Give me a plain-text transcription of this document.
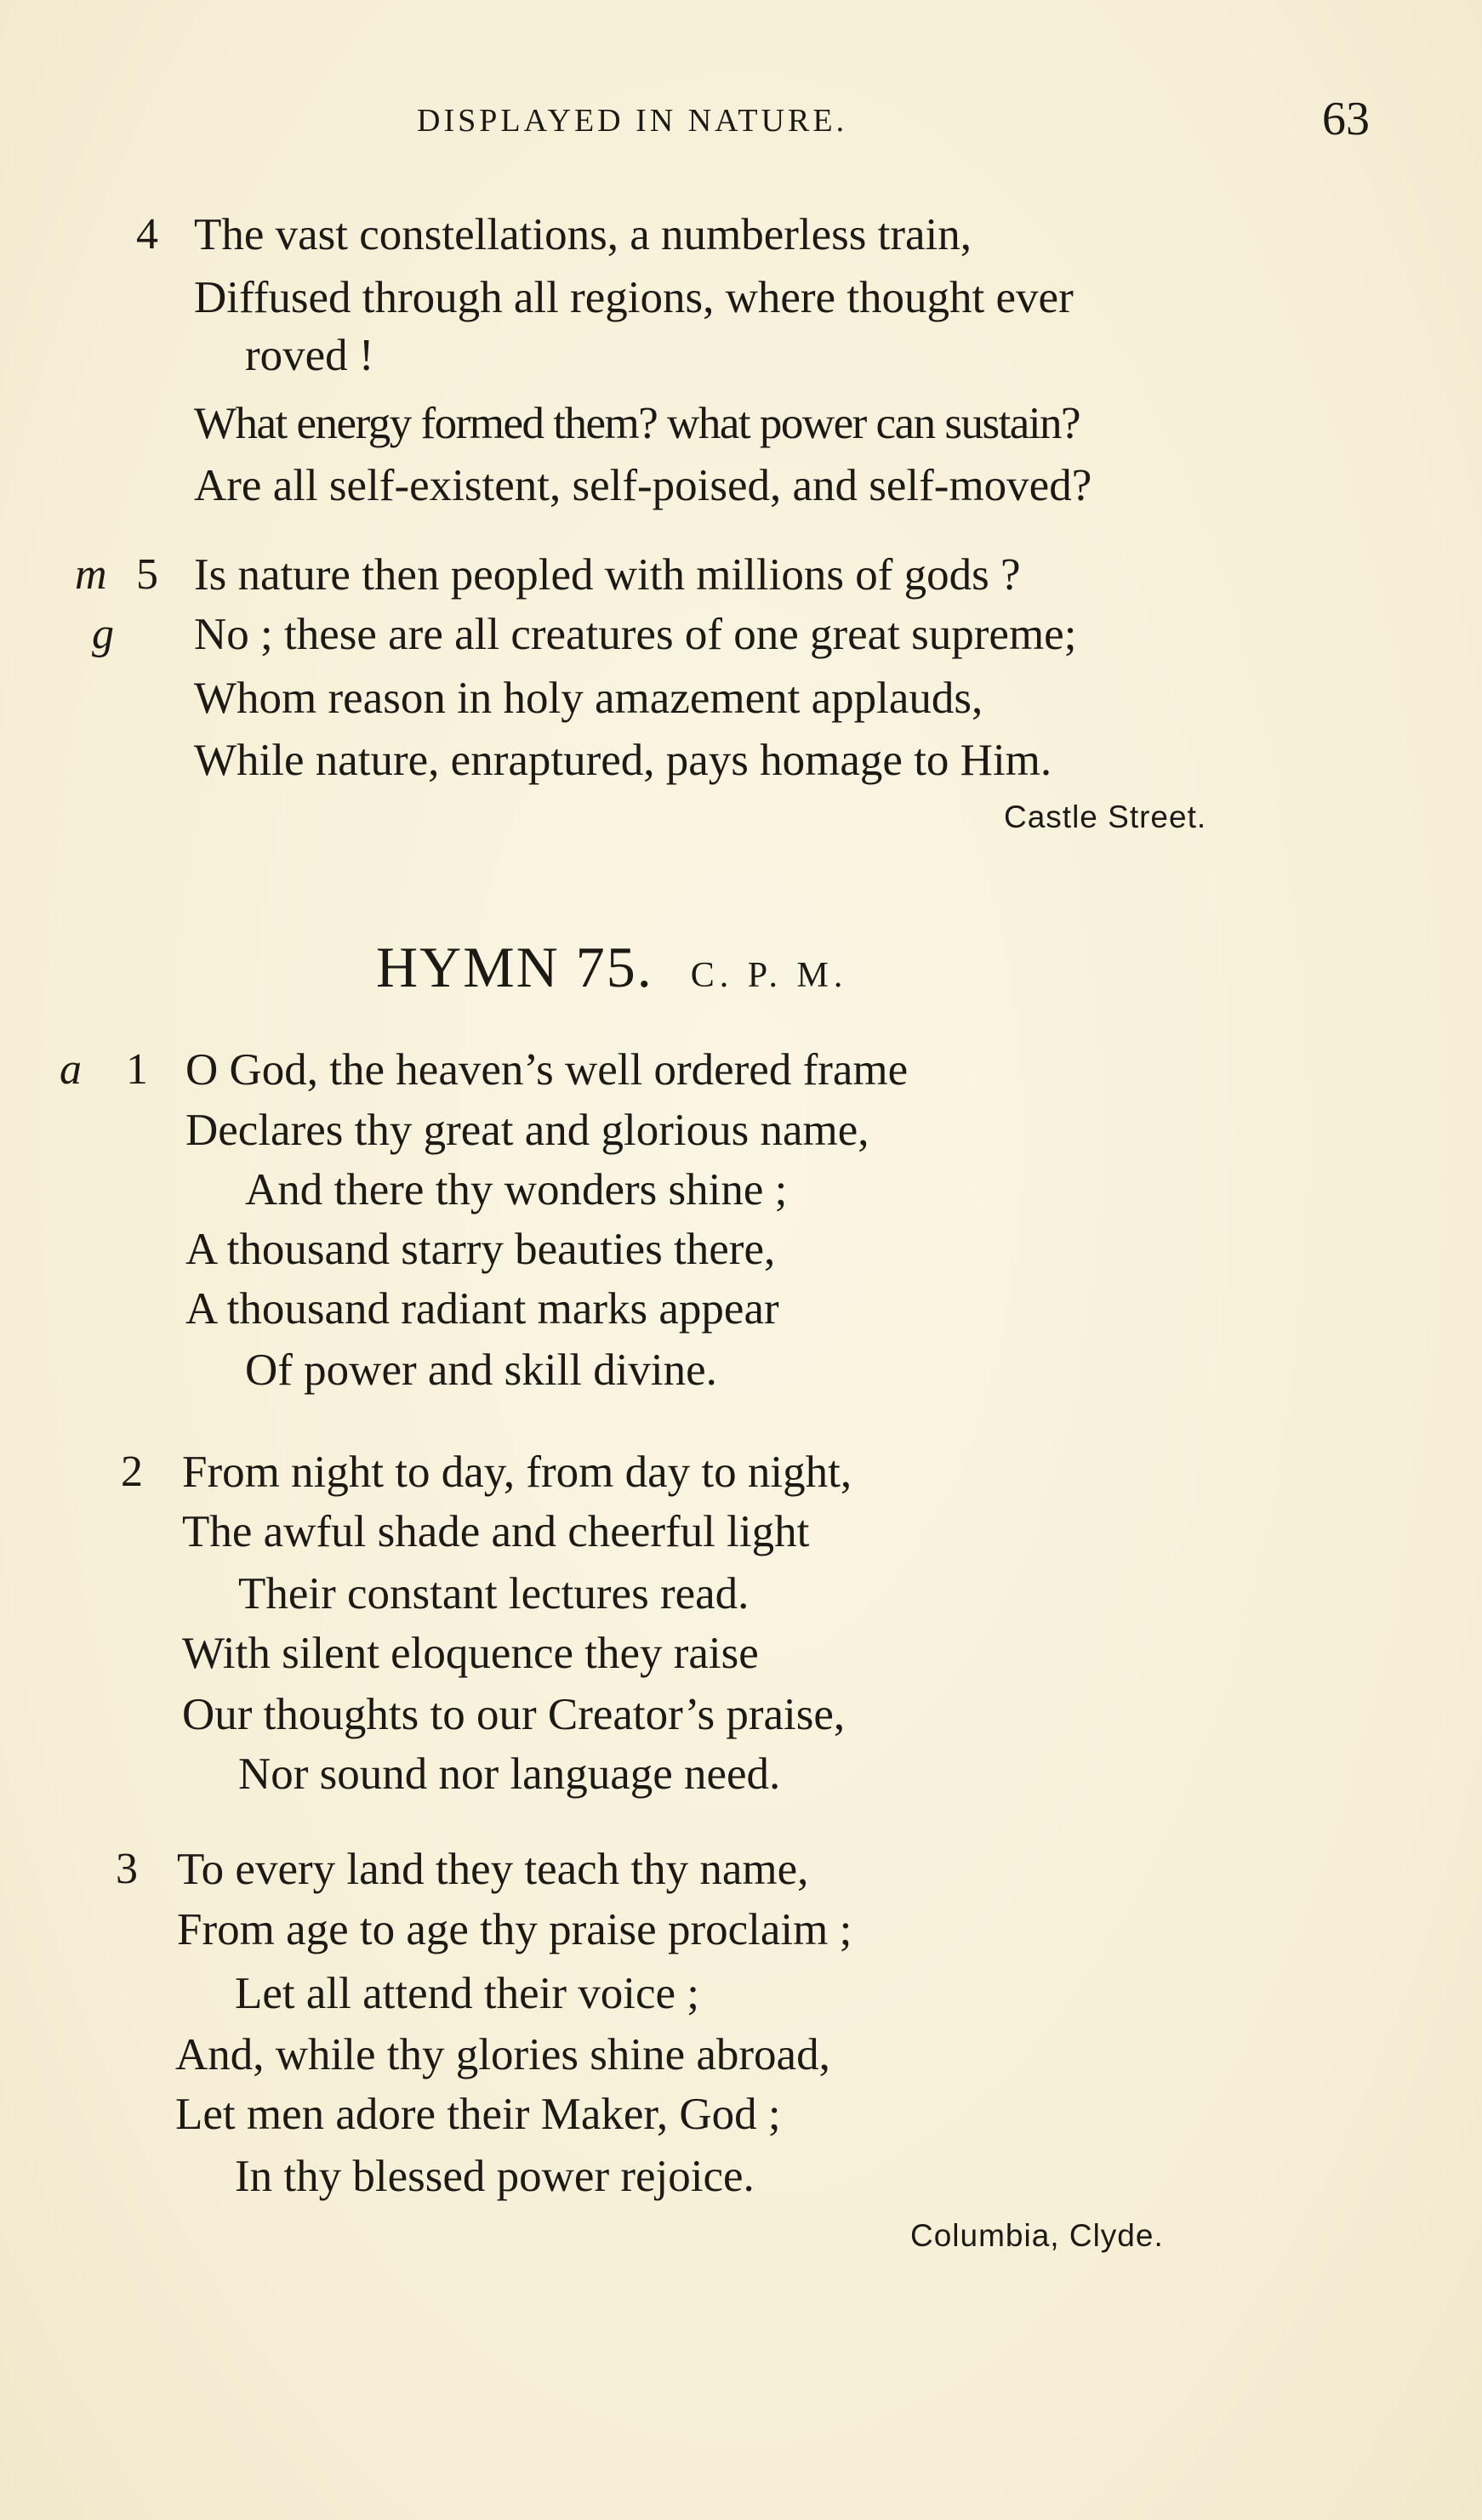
DISPLAYED IN NATURE.	63
4 The vast constellations, a numberless train,
Diffused through all regions, where thought ever
roved !
What energy formed them? what power can sustain?
Are all self-existent, self-poised, and self-moved?
m 5 Is nature then peopled with millions of gods ?
g No ; these are all creatures of one great supreme;
Whom reason in holy amazement applauds,
While nature, enraptured, pays homage to Him.
Castle Street.
HYMN 75. C. P. M.
a 1 O God, the heaven’s well ordered frame
Declares thy great and glorious name,
And there thy wonders shine ;
A thousand starry beauties there,
A thousand radiant marks appear
Of power and skill divine.
2 From night to day, from day to night,
The awful shade and cheerful light
Their constant lectures read.
With silent eloquence they raise
Our thoughts to our Creator’s praise,
Nor sound nor language need.
3 To every land they teach thy name,
From age to age thy praise proclaim ;
Let all attend their voice ;
And, while thy glories shine abroad,
Let men adore their Maker, God ;
In thy blessed power rejoice.
Columbia, Clyde.
